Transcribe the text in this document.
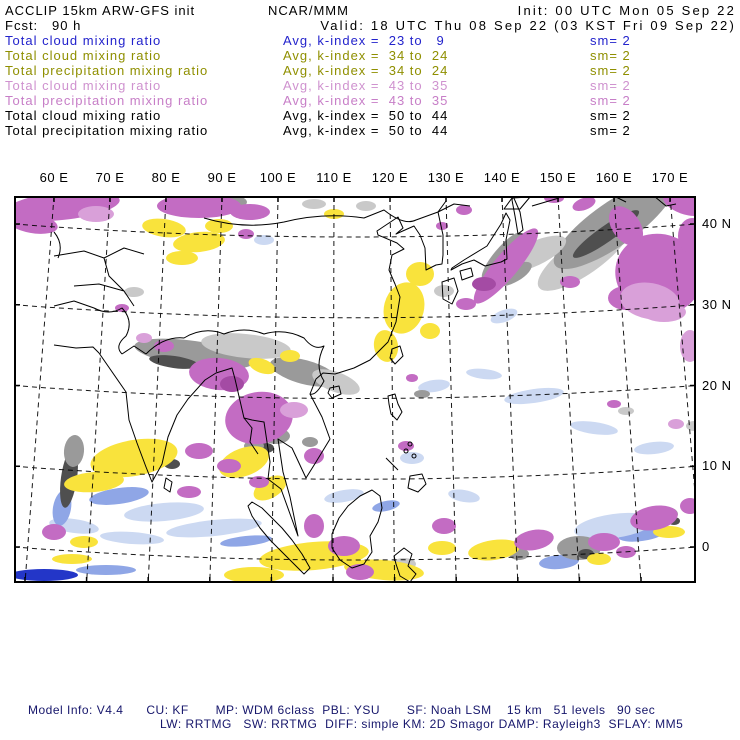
ACCLIP 15km ARW-GFS init	NCAR/MMM	Init: 00 UTC Mon 05 Sep 22
Fcst:   90 h	Valid: 18 UTC Thu 08 Sep 22 (03 KST Fri 09 Sep 22)
Total cloud mixing ratio	Avg, k-index =  23 to   9	sm= 2
Total cloud mixing ratio	Avg, k-index =  34 to  24	sm= 2
Total precipitation mixing ratio	Avg, k-index =  34 to  24	sm= 2
Total cloud mixing ratio	Avg, k-index =  43 to  35	sm= 2
Total precipitation mixing ratio	Avg, k-index =  43 to  35	sm= 2
Total cloud mixing ratio	Avg, k-index =  50 to  44	sm= 2
Total precipitation mixing ratio	Avg, k-index =  50 to  44	sm= 2
60 E 70 E 80 E 90 E 100 E 110 E 120 E 130 E 140 E 150 E 160 E 170 E
40 N
30 N
20 N
10 N
0
Model Info: V4.4      CU: KF       MP: WDM 6class  PBL: YSU       SF: Noah LSM    15 km   51 levels   90 sec
LW: RRTMG   SW: RRTMG  DIFF: simple KM: 2D Smagor DAMP: Rayleigh3  SFLAY: MM5
